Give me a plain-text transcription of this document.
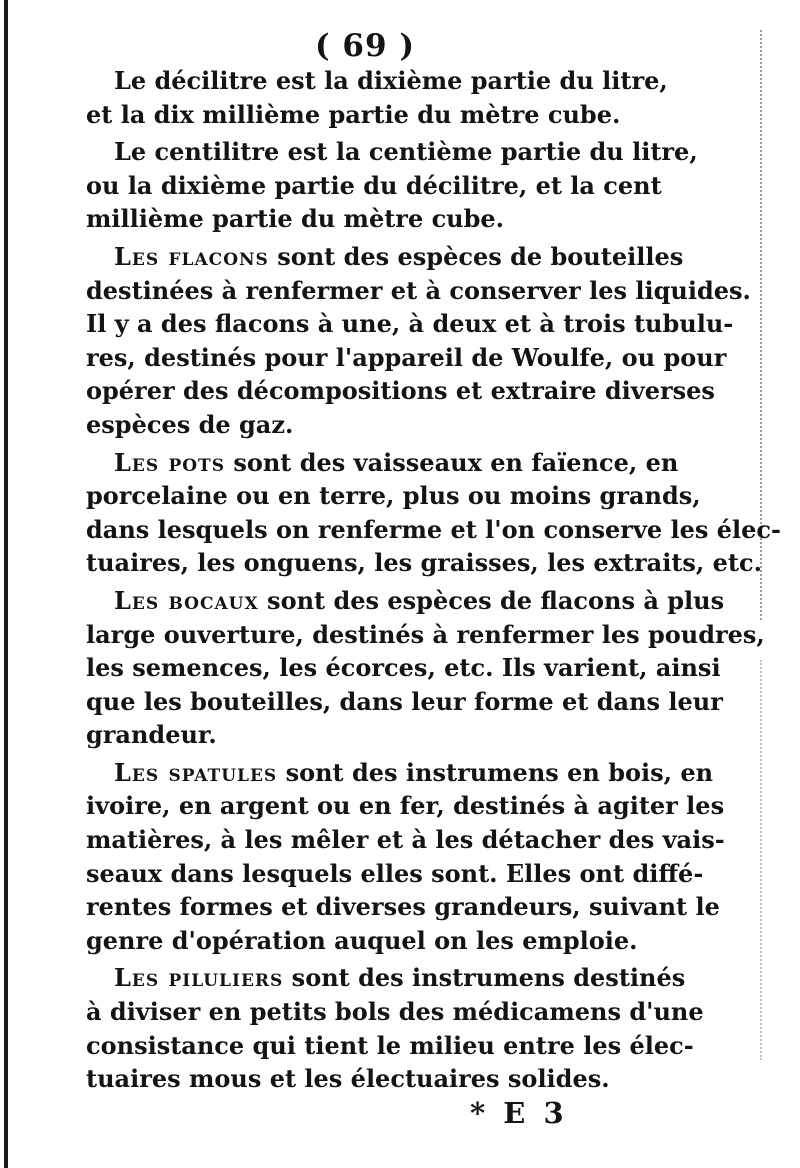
( 69 )
Le décilitre est la dixième partie du litre,
et la dix millième partie du mètre cube.
Le centilitre est la centième partie du litre,
ou la dixième partie du décilitre, et la cent
millième partie du mètre cube.
Les flacons sont des espèces de bouteilles
destinées à renfermer et à conserver les liquides.
Il y a des flacons à une, à deux et à trois tubulu-
res, destinés pour l'appareil de Woulfe, ou pour
opérer des décompositions et extraire diverses
espèces de gaz.
Les pots sont des vaisseaux en faïence, en
porcelaine ou en terre, plus ou moins grands,
dans lesquels on renferme et l'on conserve les élec-
tuaires, les onguens, les graisses, les extraits, etc.
Les bocaux sont des espèces de flacons à plus
large ouverture, destinés à renfermer les poudres,
les semences, les écorces, etc. Ils varient, ainsi
que les bouteilles, dans leur forme et dans leur
grandeur.
Les spatules sont des instrumens en bois, en
ivoire, en argent ou en fer, destinés à agiter les
matières, à les mêler et à les détacher des vais-
seaux dans lesquels elles sont. Elles ont diffé-
rentes formes et diverses grandeurs, suivant le
genre d'opération auquel on les emploie.
Les piluliers sont des instrumens destinés
à diviser en petits bols des médicamens d'une
consistance qui tient le milieu entre les élec-
tuaires mous et les électuaires solides.
* E 3
